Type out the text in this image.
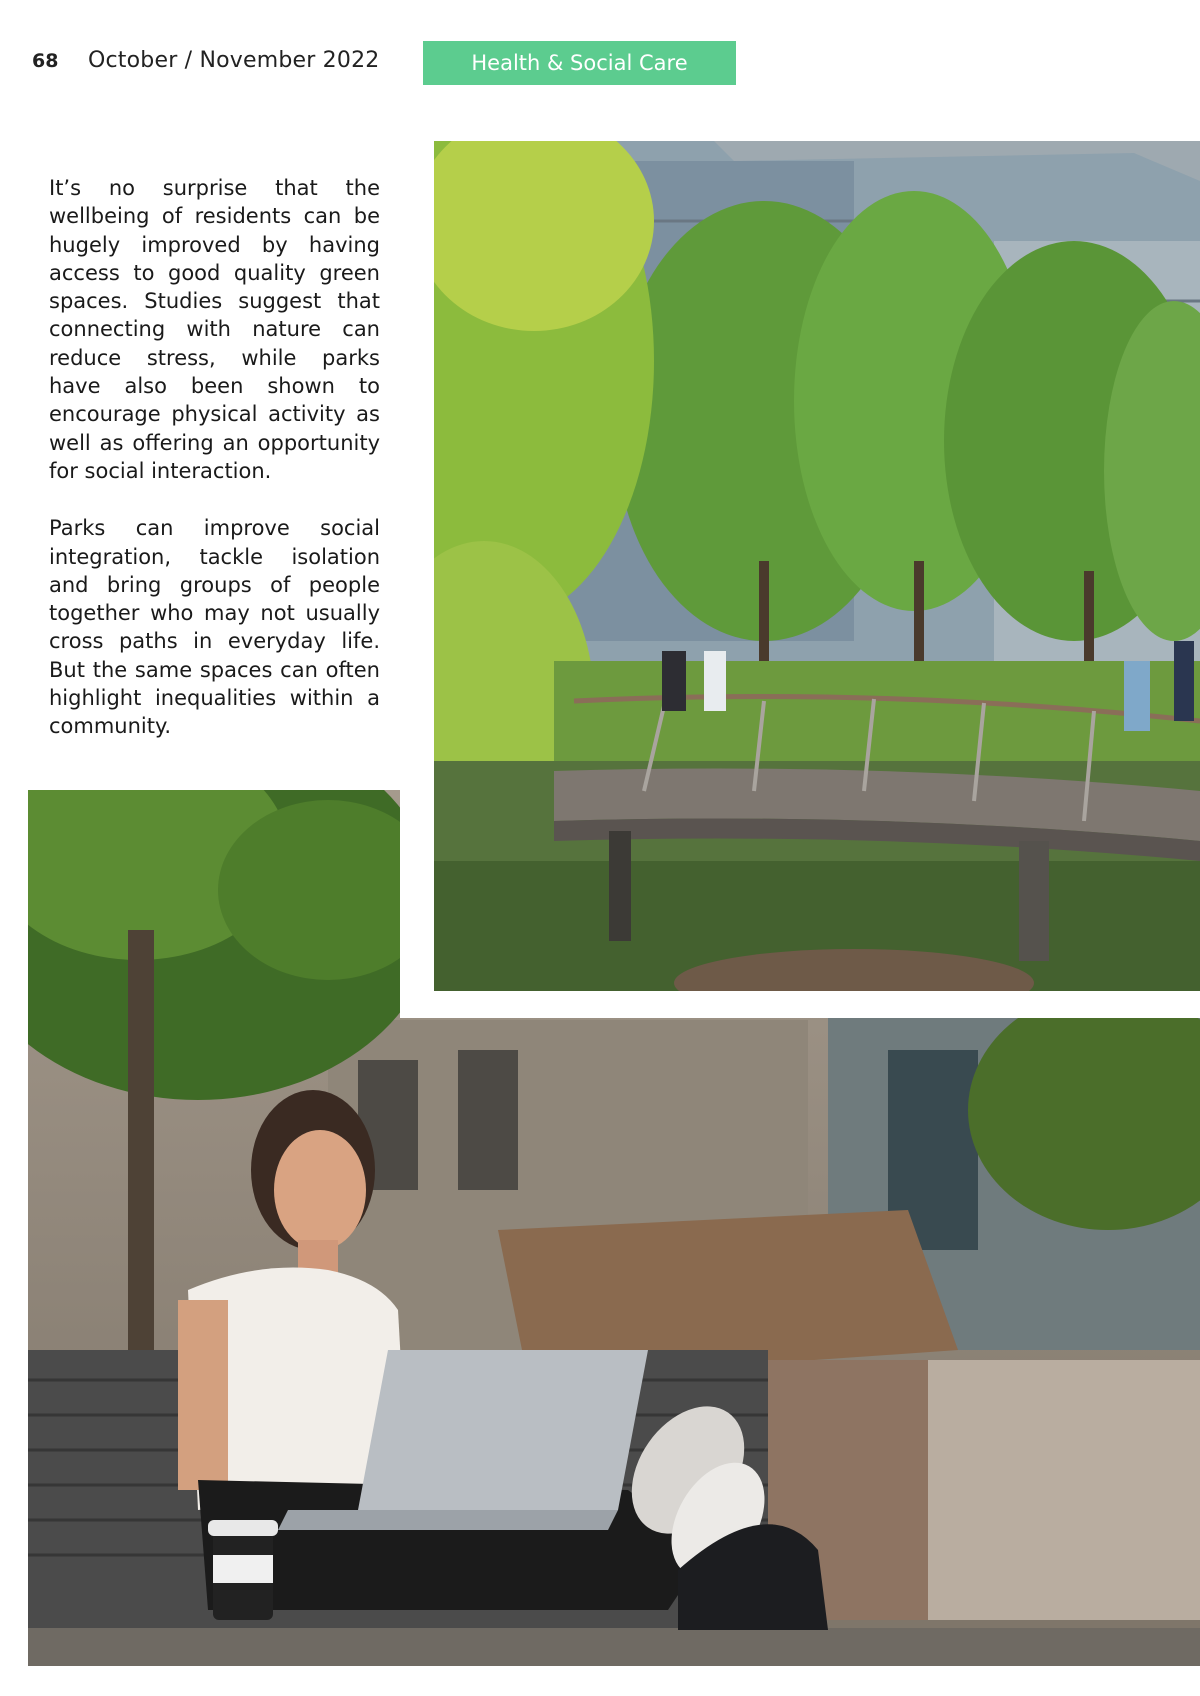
68 October / November 2022	Health & Social Care

It’s no surprise that the wellbeing of residents can be hugely improved by having access to good quality green spaces. Studies suggest that connecting with nature can reduce stress, while parks have also been shown to encourage physical activity as well as offering an opportunity for social interaction.

Parks can improve social integration, tackle isolation and bring groups of people together who may not usually cross paths in everyday life. But the same spaces can often highlight inequalities within a community.
